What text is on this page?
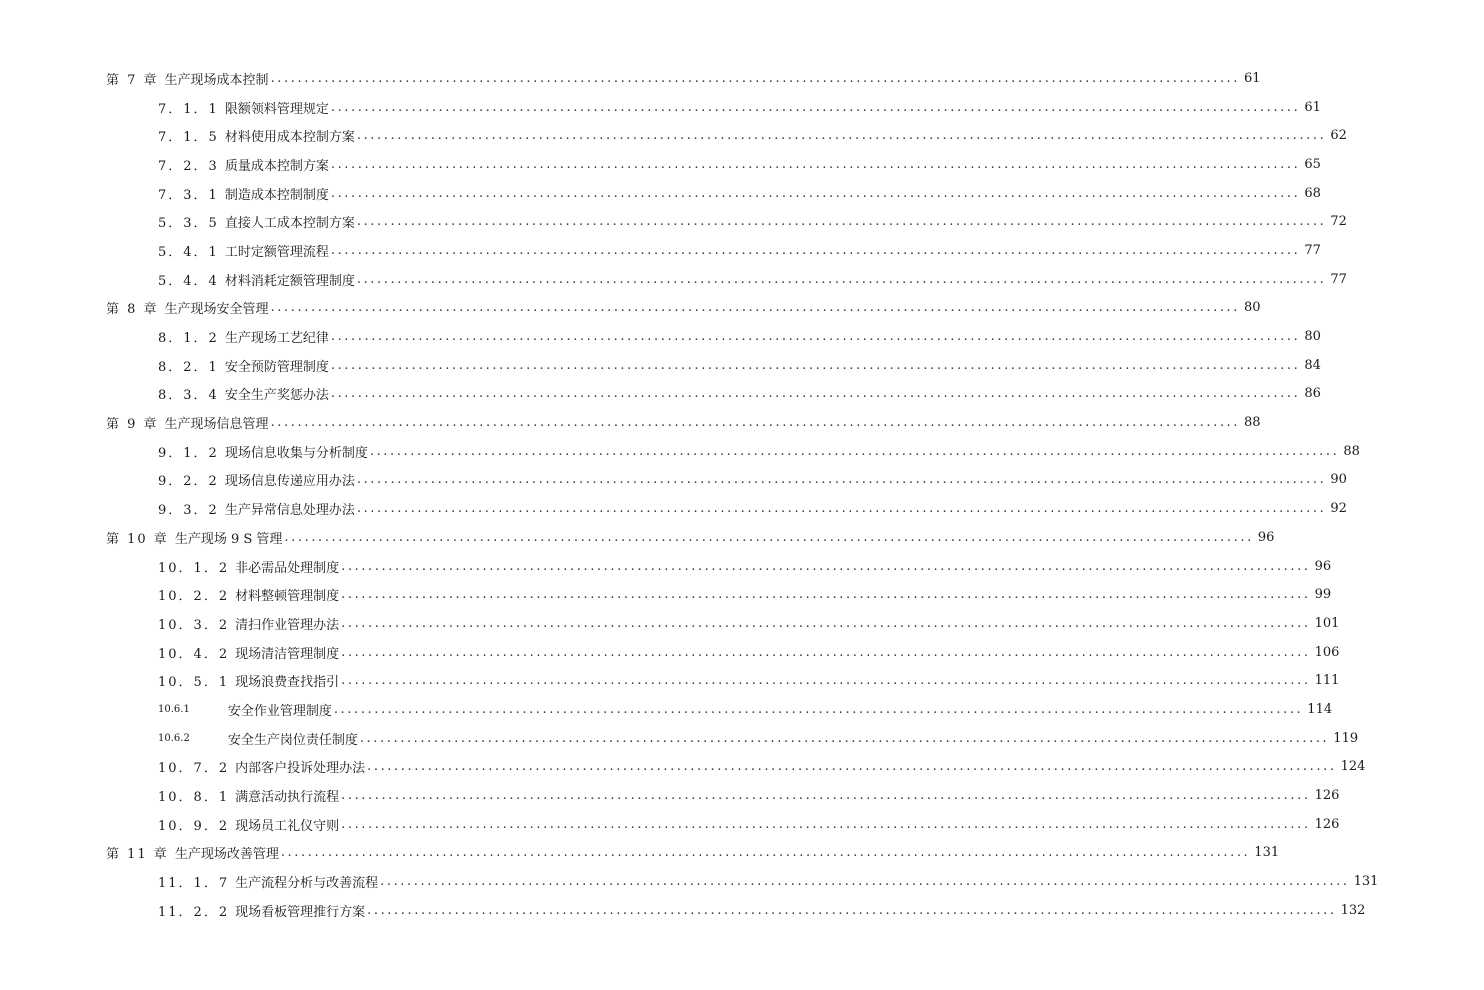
第 7 章 生产现场成本控制 ................................................................................................................................................ 61
7．1．1 限额领料管理规定 ................................................................................................................................................ 61
7．1．5 材料使用成本控制方案 ................................................................................................................................................ 62
7．2．3 质量成本控制方案 ................................................................................................................................................ 65
7．3．1 制造成本控制制度 ................................................................................................................................................ 68
5．3．5 直接人工成本控制方案 ................................................................................................................................................ 72
5．4．1 工时定额管理流程 ................................................................................................................................................ 77
5．4．4 材料消耗定额管理制度 ................................................................................................................................................ 77
第 8 章 生产现场安全管理 ................................................................................................................................................ 80
8．1．2 生产现场工艺纪律 ................................................................................................................................................ 80
8．2．1 安全预防管理制度 ................................................................................................................................................ 84
8．3．4 安全生产奖惩办法 ................................................................................................................................................ 86
第 9 章 生产现场信息管理 ................................................................................................................................................ 88
9．1．2 现场信息收集与分析制度 ................................................................................................................................................ 88
9．2．2 现场信息传递应用办法 ................................................................................................................................................ 90
9．3．2 生产异常信息处理办法 ................................................................................................................................................ 92
第 10 章 生产现场 9 S 管理 ................................................................................................................................................ 96
10．1．2 非必需品处理制度 ................................................................................................................................................ 96
10．2．2 材料整顿管理制度 ................................................................................................................................................ 99
10．3．2 清扫作业管理办法 ................................................................................................................................................ 101
10．4．2 现场清洁管理制度 ................................................................................................................................................ 106
10．5．1 现场浪费查找指引 ................................................................................................................................................ 111
10.6.1	安全作业管理制度 ................................................................................................................................................ 114
10.6.2	安全生产岗位责任制度 ................................................................................................................................................ 119
10．7．2 内部客户投诉处理办法 ................................................................................................................................................ 124
10．8．1 满意活动执行流程 ................................................................................................................................................ 126
10．9．2 现场员工礼仪守则 ................................................................................................................................................ 126
第 11 章 生产现场改善管理 ................................................................................................................................................ 131
11．1．7 生产流程分析与改善流程 ................................................................................................................................................ 131
11．2．2 现场看板管理推行方案 ................................................................................................................................................ 132
